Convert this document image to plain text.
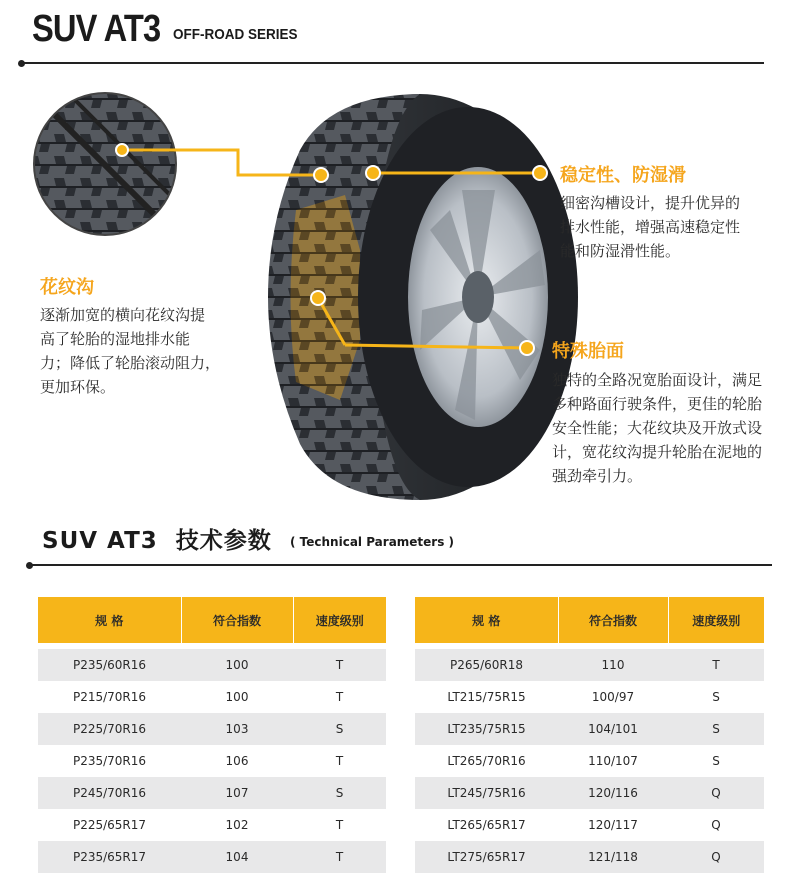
SUV AT3 OFF-ROAD SERIES
花纹沟
逐渐加宽的横向花纹沟提
高了轮胎的湿地排水能
力；降低了轮胎滚动阻力，
更加环保。
稳定性、防湿滑
细密沟槽设计，提升优异的
排水性能，增强高速稳定性
能和防湿滑性能。
特殊胎面
独特的全路况宽胎面设计，满足
多种路面行驶条件，更佳的轮胎
安全性能；大花纹块及开放式设
计，宽花纹沟提升轮胎在泥地的
强劲牵引力。
SUV AT3  技术参数 ( Technical Parameters )
规 格	符合指数	速度级别

P235/60R16	100	T
P215/70R16	100	T
P225/70R16	103	S
P235/70R16	106	T
P245/70R16	107	S
P225/65R17	102	T
P235/65R17	104	T
规 格	符合指数	速度级别

P265/60R18	110	T
LT215/75R15	100/97	S
LT235/75R15	104/101	S
LT265/70R16	110/107	S
LT245/75R16	120/116	Q
LT265/65R17	120/117	Q
LT275/65R17	121/118	Q
